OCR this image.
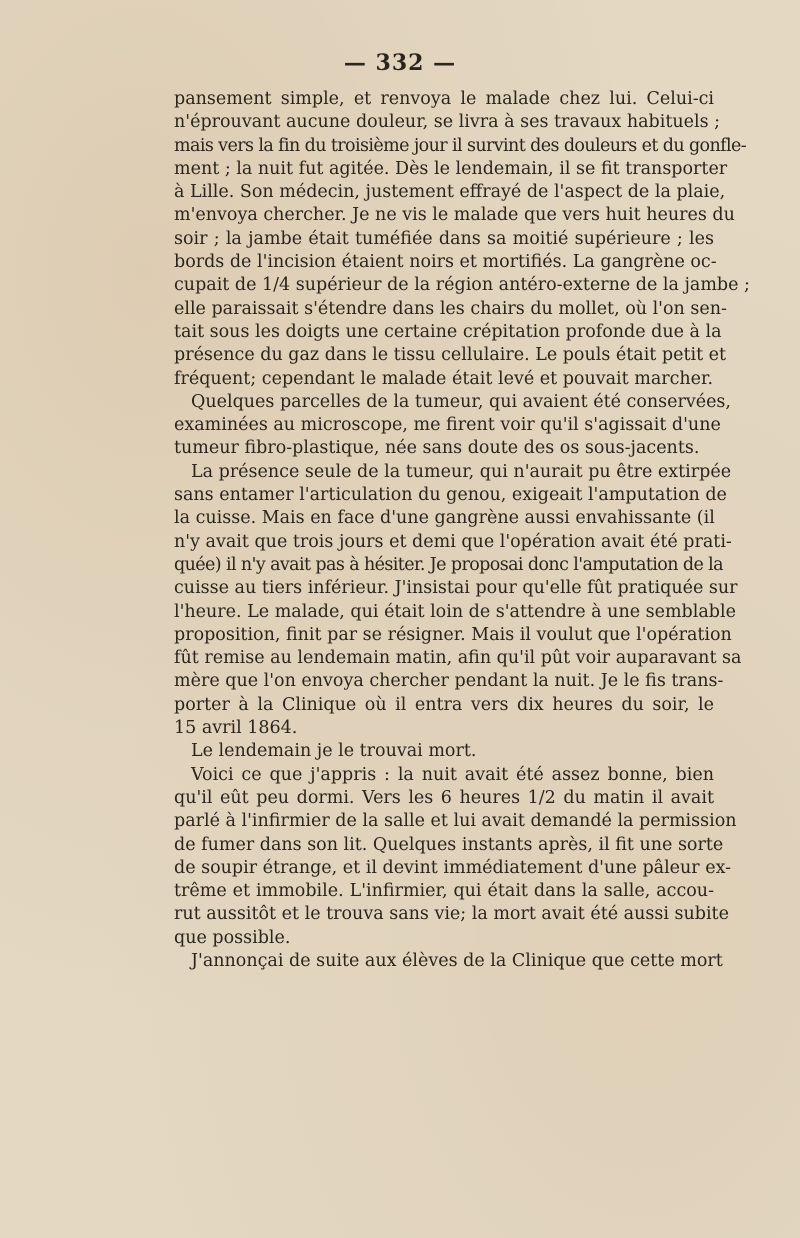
— 332 —
pansement simple, et renvoya le malade chez lui. Celui-ci
n'éprouvant aucune douleur, se livra à ses travaux habituels ;
mais vers la fin du troisième jour il survint des douleurs et du gonfle-
ment ; la nuit fut agitée. Dès le lendemain, il se fit transporter
à Lille. Son médecin, justement effrayé de l'aspect de la plaie,
m'envoya chercher. Je ne vis le malade que vers huit heures du
soir ; la jambe était tuméfiée dans sa moitié supérieure ; les
bords de l'incision étaient noirs et mortifiés. La gangrène oc-
cupait de 1/4 supérieur de la région antéro-externe de la jambe ;
elle paraissait s'étendre dans les chairs du mollet, où l'on sen-
tait sous les doigts une certaine crépitation profonde due à la
présence du gaz dans le tissu cellulaire. Le pouls était petit et
fréquent; cependant le malade était levé et pouvait marcher.
Quelques parcelles de la tumeur, qui avaient été conservées,
examinées au microscope, me firent voir qu'il s'agissait d'une
tumeur fibro-plastique, née sans doute des os sous-jacents.
La présence seule de la tumeur, qui n'aurait pu être extirpée
sans entamer l'articulation du genou, exigeait l'amputation de
la cuisse. Mais en face d'une gangrène aussi envahissante (il
n'y avait que trois jours et demi que l'opération avait été prati-
quée) il n'y avait pas à hésiter. Je proposai donc l'amputation de la
cuisse au tiers inférieur. J'insistai pour qu'elle fût pratiquée sur
l'heure. Le malade, qui était loin de s'attendre à une semblable
proposition, finit par se résigner. Mais il voulut que l'opération
fût remise au lendemain matin, afin qu'il pût voir auparavant sa
mère que l'on envoya chercher pendant la nuit. Je le fis trans-
porter à la Clinique où il entra vers dix heures du soir, le
15 avril 1864.
Le lendemain je le trouvai mort.
Voici ce que j'appris : la nuit avait été assez bonne, bien
qu'il eût peu dormi. Vers les 6 heures 1/2 du matin il avait
parlé à l'infirmier de la salle et lui avait demandé la permission
de fumer dans son lit. Quelques instants après, il fit une sorte
de soupir étrange, et il devint immédiatement d'une pâleur ex-
trême et immobile. L'infirmier, qui était dans la salle, accou-
rut aussitôt et le trouva sans vie; la mort avait été aussi subite
que possible.
J'annonçai de suite aux élèves de la Clinique que cette mort
